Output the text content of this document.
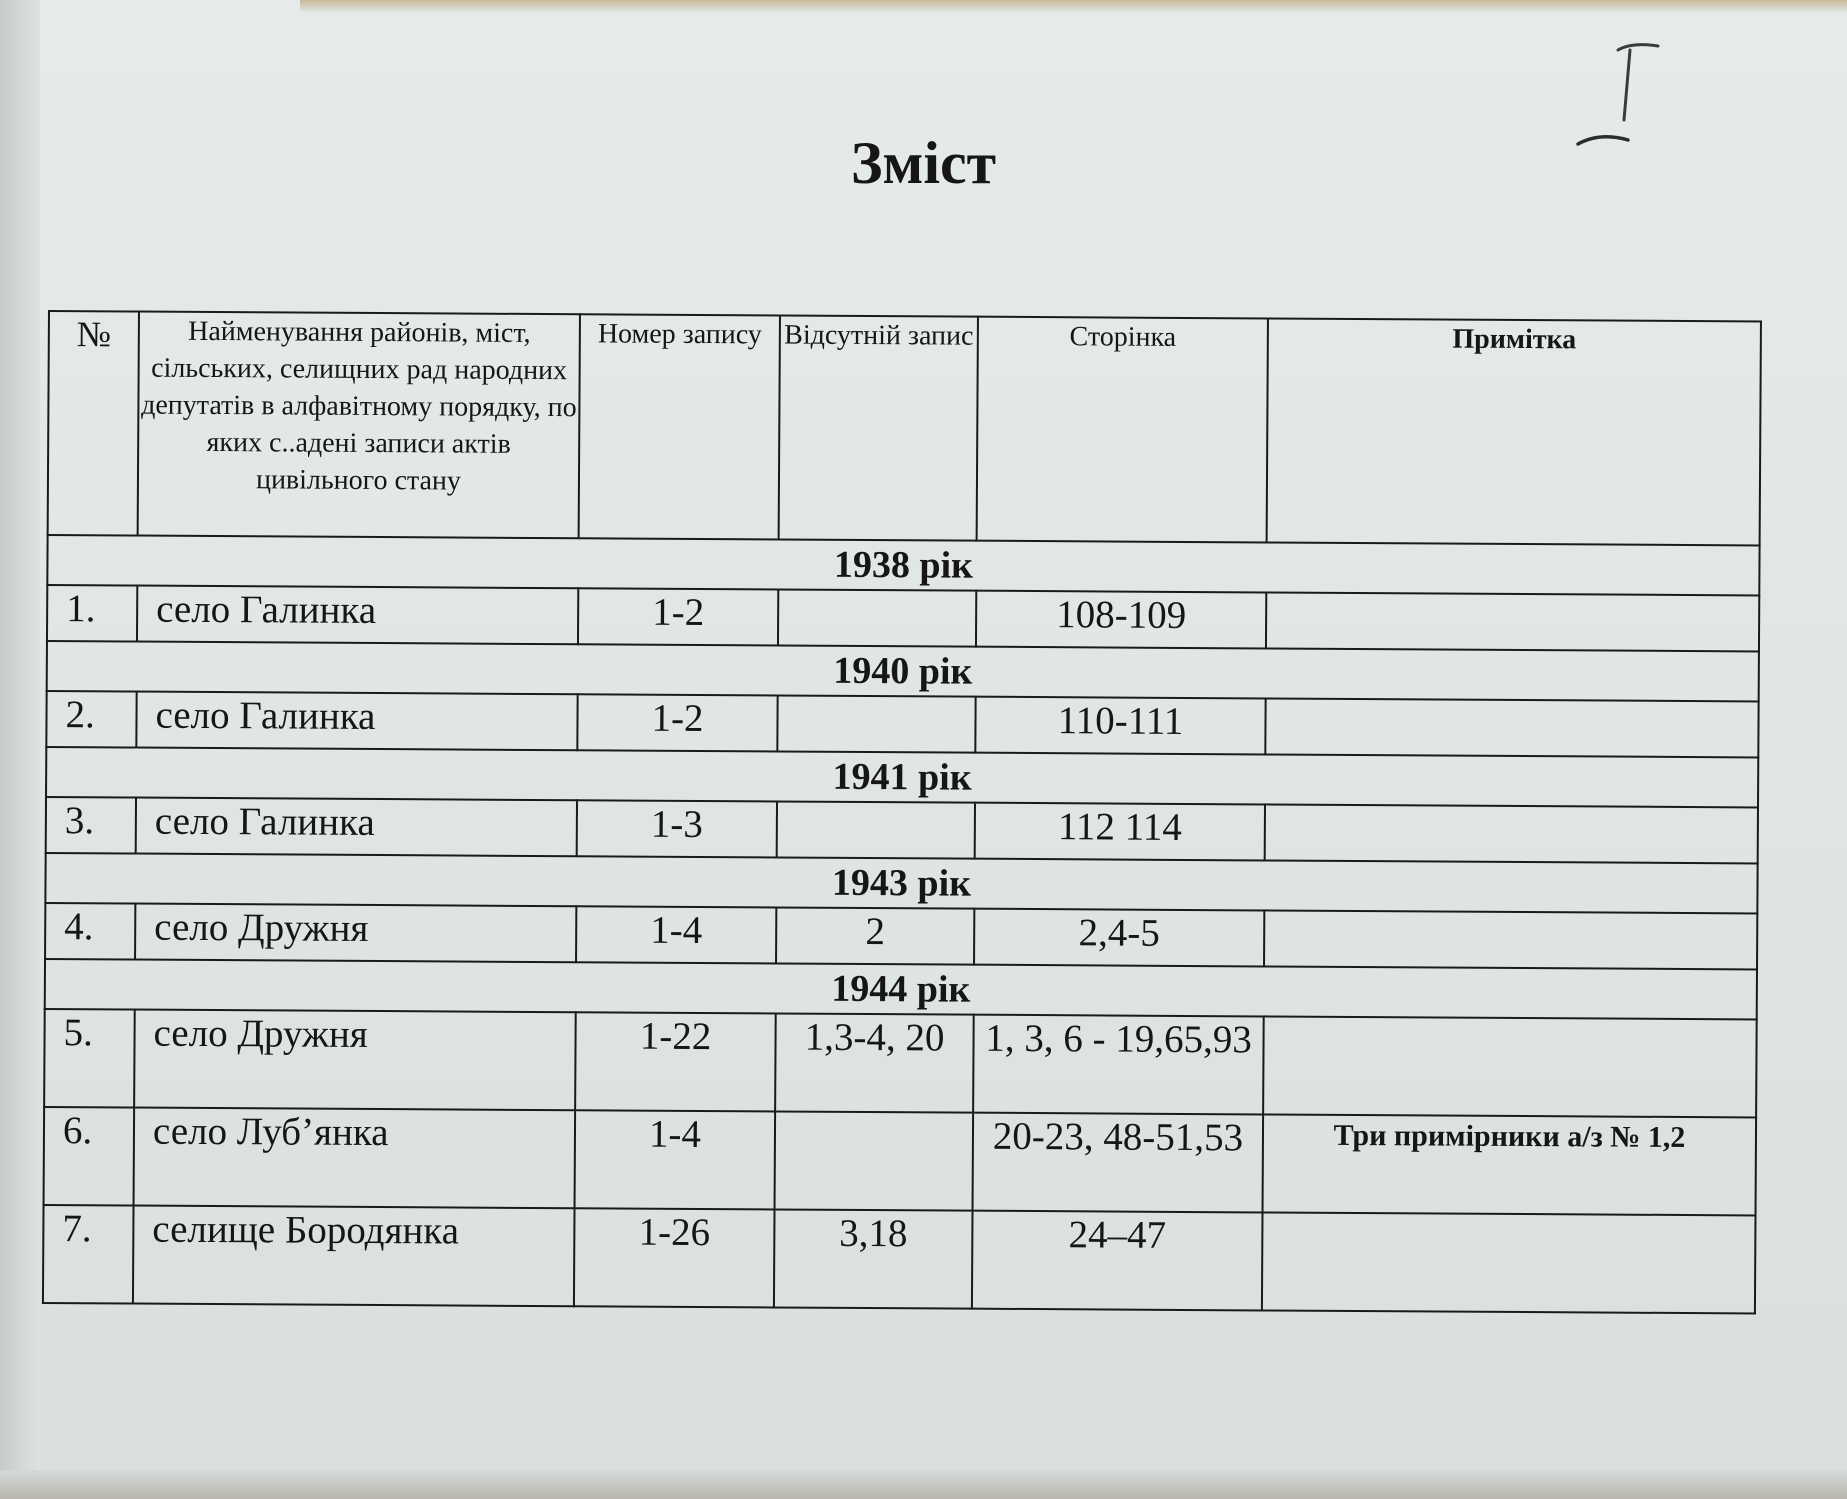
Зміст
№	Найменування районів, міст, сільських, селищних рад народних депутатів в алфавітному порядку, по яких с..адені записи актів цивільного стану	Номер запису	Відсутній запис	Сторінка	Примітка
1938 рік					
1.	село Галинка	1-2		108-109	
1940 рік					
2.	село Галинка	1-2		110-111	
1941 рік					
3.	село Галинка	1-3		112 114	
1943 рік					
4.	село Дружня	1-4	2	2,4-5	
1944 рік					
5.	село Дружня	1-22	1,3-4, 20	1, 3, 6 - 19,65,93	
6.	село Луб’янка	1-4		20-23, 48-51,53	Три примірники а/з № 1,2
7.	селище Бородянка	1-26	3,18	24–47	
